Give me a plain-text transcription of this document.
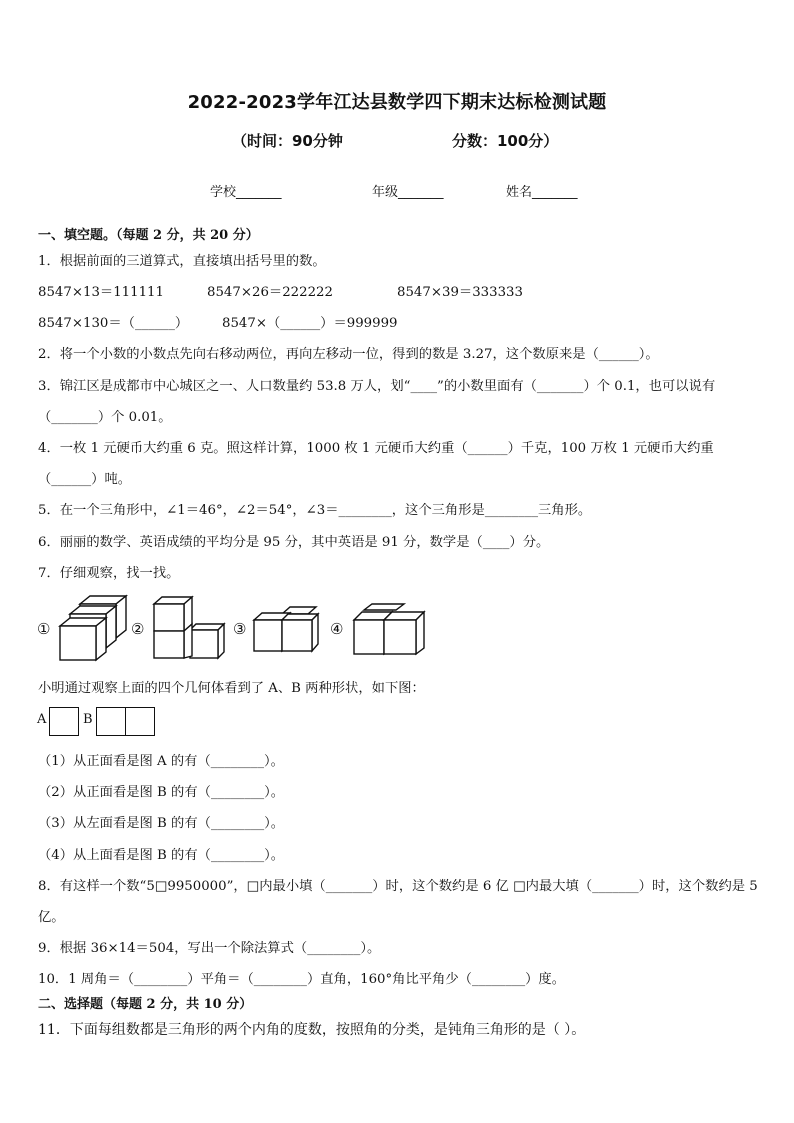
2022-2023学年江达县数学四下期末达标检测试题
（时间：90分钟	分数：100分）
学校_______	年级_______	姓名_______
一、填空题。（每题 2 分，共 20 分）
1．根据前面的三道算式，直接填出括号里的数。
8547×13＝111111	8547×26＝222222	8547×39＝333333
8547×130＝（______）	8547×（______）＝999999
2．将一个小数的小数点先向右移动两位，再向左移动一位，得到的数是 3.27，这个数原来是（______）。
3．锦江区是成都市中心城区之一、人口数量约 53.8 万人，划“____”的小数里面有（_______）个 0.1，也可以说有
（_______）个 0.01。
4．一枚 1 元硬币大约重 6 克。照这样计算，1000 枚 1 元硬币大约重（______）千克，100 万枚 1 元硬币大约重
（______）吨。
5．在一个三角形中，∠1＝46°，∠2＝54°，∠3＝________，这个三角形是________三角形。
6．丽丽的数学、英语成绩的平均分是 95 分，其中英语是 91 分，数学是（____）分。
7．仔细观察，找一找。
①	②	③	④
小明通过观察上面的四个几何体看到了 A、B 两种形状，如下图：
A	B
（1）从正面看是图 A 的有（________）。
（2）从正面看是图 B 的有（________）。
（3）从左面看是图 B 的有（________）。
（4）从上面看是图 B 的有（________）。
8．有这样一个数“5□9950000”，□内最小填（_______）时，这个数约是 6 亿 □内最大填（_______）时，这个数约是 5
亿。
9．根据 36×14＝504，写出一个除法算式（________）。
10．1 周角＝（________）平角＝（________）直角，160°角比平角少（________）度。
二、选择题（每题 2 分，共 10 分）
11．下面每组数都是三角形的两个内角的度数，按照角的分类，是钝角三角形的是（ ）。
